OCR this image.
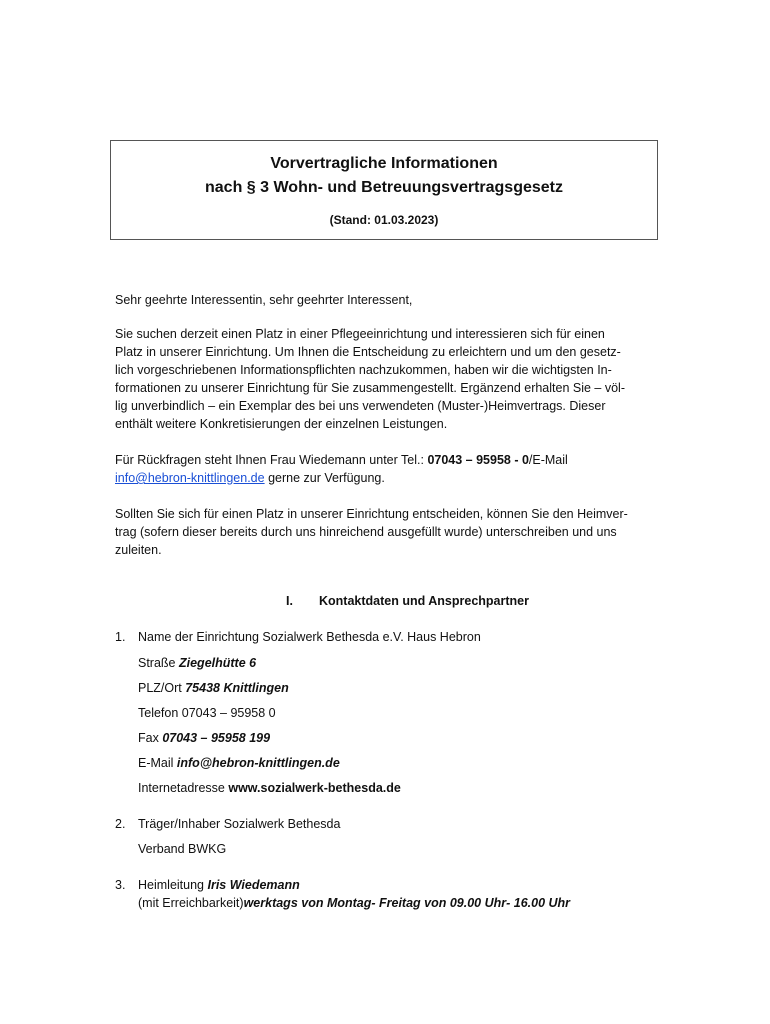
Vorvertragliche Informationen
nach § 3 Wohn- und Betreuungsvertragsgesetz
(Stand: 01.03.2023)
Sehr geehrte Interessentin, sehr geehrter Interessent,
Sie suchen derzeit einen Platz in einer Pflegeeinrichtung und interessieren sich für einen
Platz in unserer Einrichtung. Um Ihnen die Entscheidung zu erleichtern und um den gesetz-
lich vorgeschriebenen Informationspflichten nachzukommen, haben wir die wichtigsten In-
formationen zu unserer Einrichtung für Sie zusammengestellt. Ergänzend erhalten Sie – völ-
lig unverbindlich – ein Exemplar des bei uns verwendeten (Muster-)Heimvertrags. Dieser
enthält weitere Konkretisierungen der einzelnen Leistungen.
Für Rückfragen steht Ihnen Frau Wiedemann unter Tel.: 07043 – 95958 - 0/E-Mail
info@hebron-knittlingen.de gerne zur Verfügung.
Sollten Sie sich für einen Platz in unserer Einrichtung entscheiden, können Sie den Heimver-
trag (sofern dieser bereits durch uns hinreichend ausgefüllt wurde) unterschreiben und uns
zuleiten.
I. Kontaktdaten und Ansprechpartner
1. Name der Einrichtung Sozialwerk Bethesda e.V. Haus Hebron
Straße Ziegelhütte 6
PLZ/Ort 75438 Knittlingen
Telefon 07043 – 95958 0
Fax 07043 – 95958 199
E-Mail info@hebron-knittlingen.de
Internetadresse www.sozialwerk-bethesda.de
2. Träger/Inhaber Sozialwerk Bethesda
Verband BWKG
3. Heimleitung Iris Wiedemann
(mit Erreichbarkeit)werktags von Montag- Freitag von 09.00 Uhr- 16.00 Uhr
